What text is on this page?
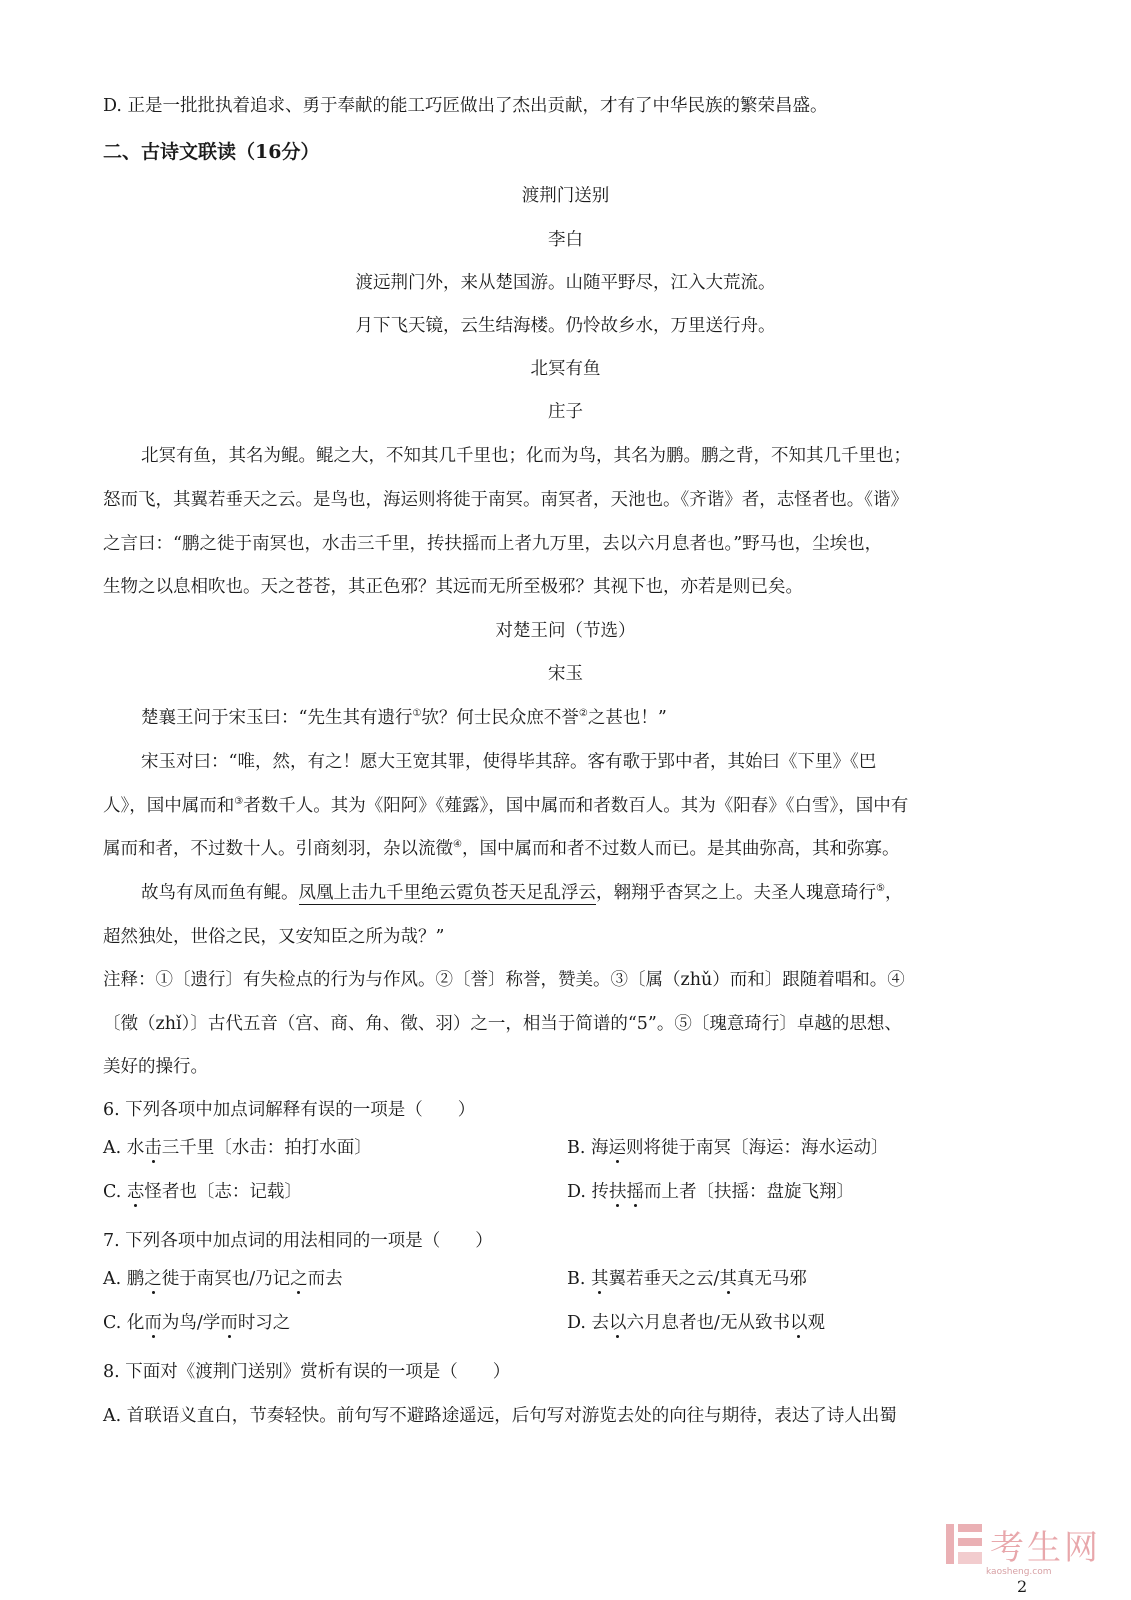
D. 正是一批批执着追求、勇于奉献的能工巧匠做出了杰出贡献，才有了中华民族的繁荣昌盛。
二、古诗文联读（16分）
渡荆门送别
李白
渡远荆门外，来从楚国游。山随平野尽，江入大荒流。
月下飞天镜，云生结海楼。仍怜故乡水，万里送行舟。
北冥有鱼
庄子
北冥有鱼，其名为鲲。鲲之大，不知其几千里也；化而为鸟，其名为鹏。鹏之背，不知其几千里也；
怒而飞，其翼若垂天之云。是鸟也，海运则将徙于南冥。南冥者，天池也。《齐谐》者，志怪者也。《谐》
之言曰：“鹏之徙于南冥也，水击三千里，抟扶摇而上者九万里，去以六月息者也。”野马也，尘埃也，
生物之以息相吹也。天之苍苍，其正色邪？其远而无所至极邪？其视下也，亦若是则已矣。
对楚王问（节选）
宋玉
楚襄王问于宋玉曰：“先生其有遗行①欤？何士民众庶不誉②之甚也！”
宋玉对曰：“唯，然，有之！愿大王宽其罪，使得毕其辞。客有歌于郢中者，其始曰《下里》《巴
人》，国中属而和③者数千人。其为《阳阿》《薤露》，国中属而和者数百人。其为《阳春》《白雪》，国中有
属而和者，不过数十人。引商刻羽，杂以流徵④，国中属而和者不过数人而已。是其曲弥高，其和弥寡。
故鸟有凤而鱼有鲲。凤凰上击九千里绝云霓负苍天足乱浮云，翱翔乎杳冥之上。夫圣人瑰意琦行⑤，
超然独处，世俗之民，又安知臣之所为哉？”
注释：①〔遗行〕有失检点的行为与作风。②〔誉〕称誉，赞美。③〔属（zhǔ）而和〕跟随着唱和。④
〔徵（zhǐ）〕古代五音（宫、商、角、徵、羽）之一，相当于简谱的“5”。⑤〔瑰意琦行〕卓越的思想、
美好的操行。
6. 下列各项中加点词解释有误的一项是（　　）
A. 水击三千里〔水击：拍打水面〕	B. 海运则将徙于南冥〔海运：海水运动〕
C. 志怪者也〔志：记载〕	D. 抟扶摇而上者〔扶摇：盘旋飞翔〕
7. 下列各项中加点词的用法相同的一项是（　　）
A. 鹏之徙于南冥也/乃记之而去	B. 其翼若垂天之云/其真无马邪
C. 化而为鸟/学而时习之	D. 去以六月息者也/无从致书以观
8. 下面对《渡荆门送别》赏析有误的一项是（　　）
A. 首联语义直白，节奏轻快。前句写不避路途遥远，后句写对游览去处的向往与期待，表达了诗人出蜀
考生网
kaosheng.com
2
